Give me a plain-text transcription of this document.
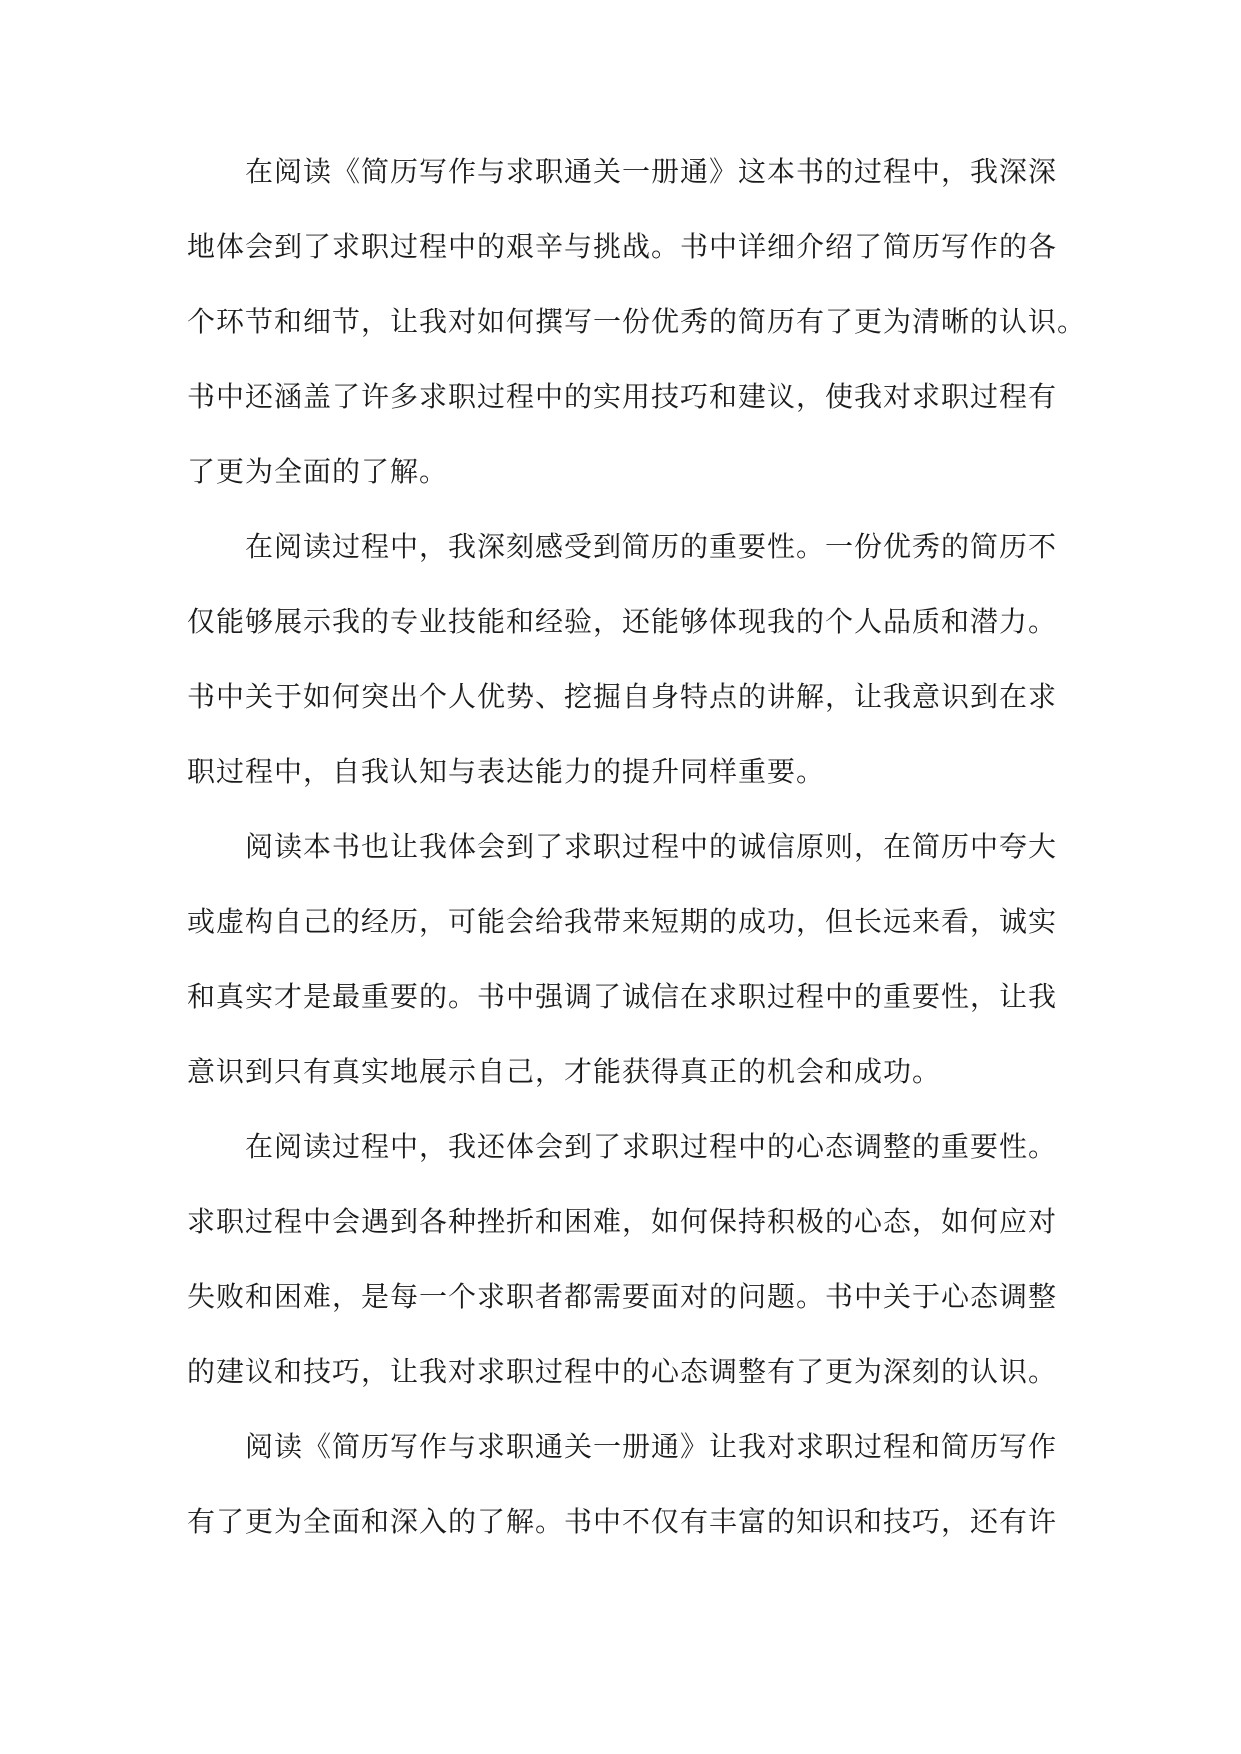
在阅读《简历写作与求职通关一册通》这本书的过程中，我深深
地体会到了求职过程中的艰辛与挑战。书中详细介绍了简历写作的各
个环节和细节，让我对如何撰写一份优秀的简历有了更为清晰的认识。
书中还涵盖了许多求职过程中的实用技巧和建议，使我对求职过程有
了更为全面的了解。
在阅读过程中，我深刻感受到简历的重要性。一份优秀的简历不
仅能够展示我的专业技能和经验，还能够体现我的个人品质和潜力。
书中关于如何突出个人优势、挖掘自身特点的讲解，让我意识到在求
职过程中，自我认知与表达能力的提升同样重要。
阅读本书也让我体会到了求职过程中的诚信原则，在简历中夸大
或虚构自己的经历，可能会给我带来短期的成功，但长远来看，诚实
和真实才是最重要的。书中强调了诚信在求职过程中的重要性，让我
意识到只有真实地展示自己，才能获得真正的机会和成功。
在阅读过程中，我还体会到了求职过程中的心态调整的重要性。
求职过程中会遇到各种挫折和困难，如何保持积极的心态，如何应对
失败和困难，是每一个求职者都需要面对的问题。书中关于心态调整
的建议和技巧，让我对求职过程中的心态调整有了更为深刻的认识。
阅读《简历写作与求职通关一册通》让我对求职过程和简历写作
有了更为全面和深入的了解。书中不仅有丰富的知识和技巧，还有许
